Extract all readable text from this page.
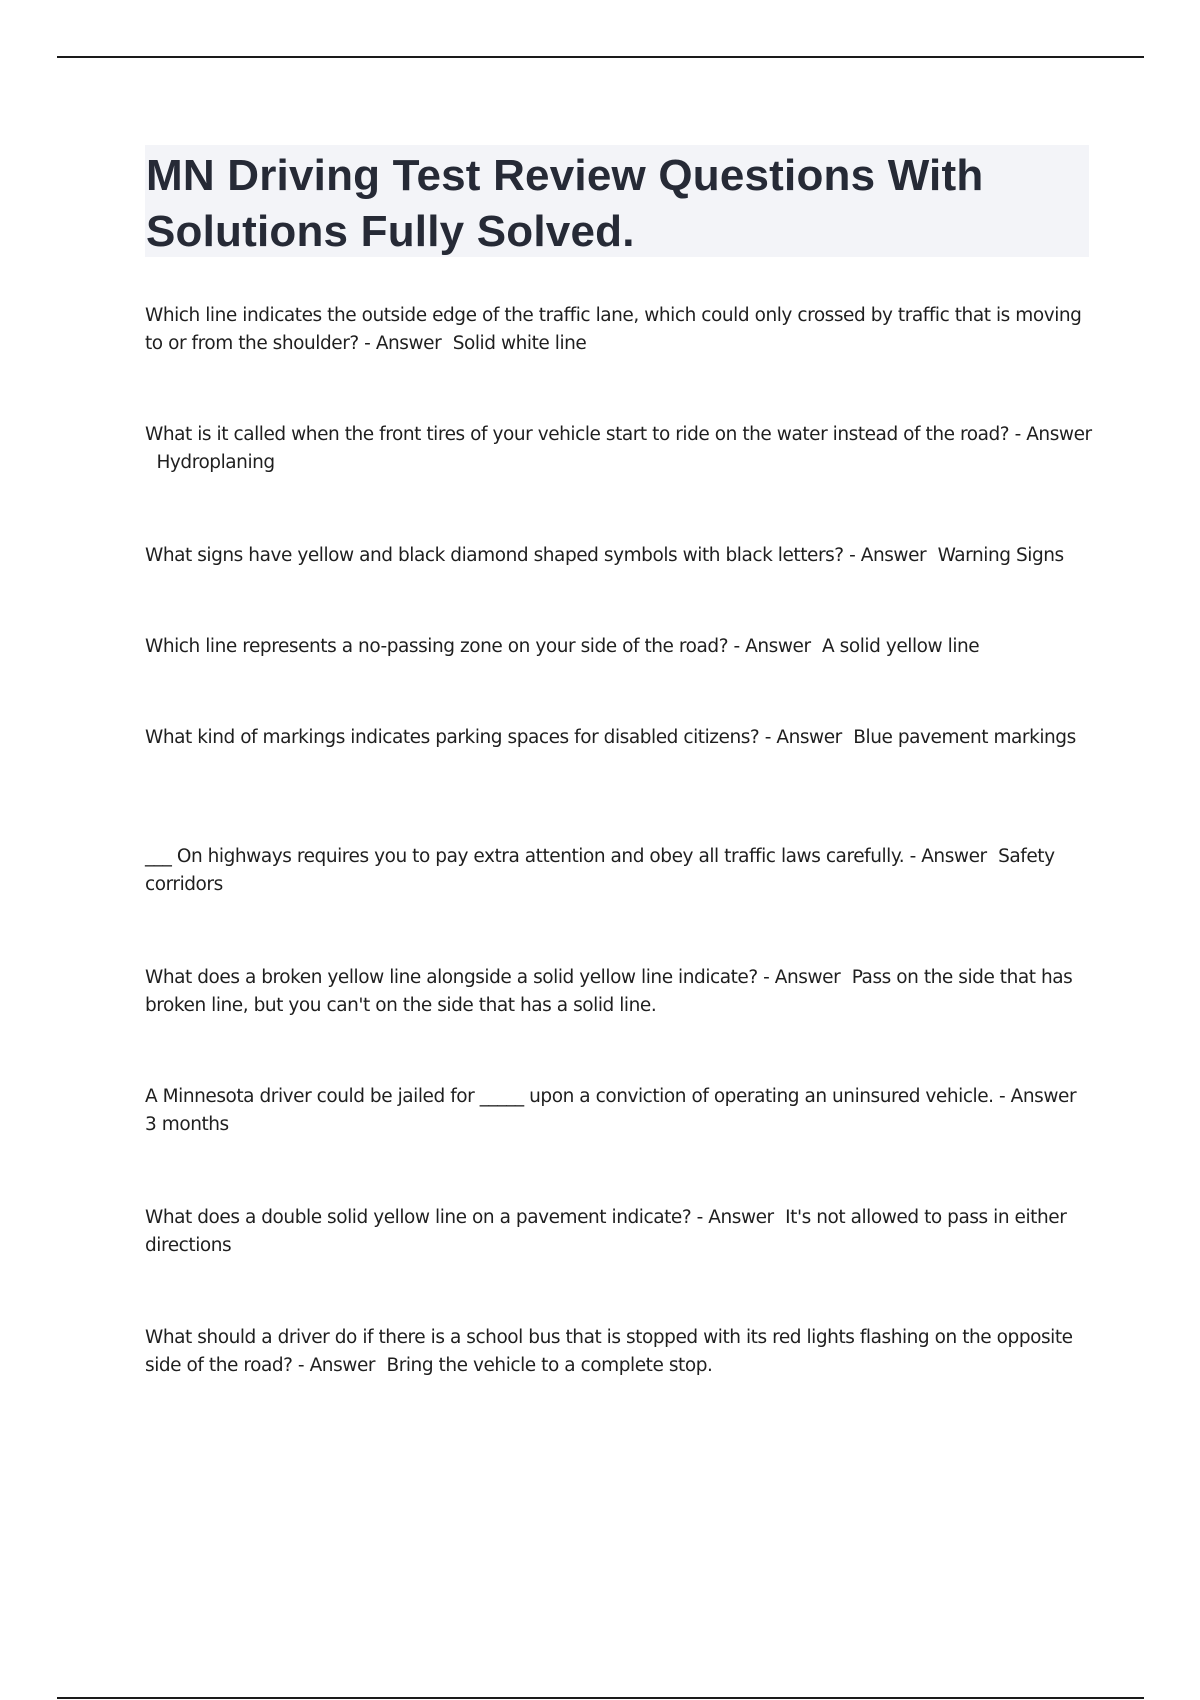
MN Driving Test Review Questions With Solutions Fully Solved.

Which line indicates the outside edge of the traffic lane, which could only crossed by traffic that is moving to or from the shoulder? - Answer Solid white line

What is it called when the front tires of your vehicle start to ride on the water instead of the road? - Answer Hydroplaning

What signs have yellow and black diamond shaped symbols with black letters? - Answer Warning Signs

Which line represents a no-passing zone on your side of the road? - Answer A solid yellow line

What kind of markings indicates parking spaces for disabled citizens? - Answer Blue pavement markings

___ On highways requires you to pay extra attention and obey all traffic laws carefully. - Answer Safety corridors

What does a broken yellow line alongside a solid yellow line indicate? - Answer Pass on the side that has broken line, but you can't on the side that has a solid line.

A Minnesota driver could be jailed for _____ upon a conviction of operating an uninsured vehicle. - Answer 3 months

What does a double solid yellow line on a pavement indicate? - Answer It's not allowed to pass in either directions

What should a driver do if there is a school bus that is stopped with its red lights flashing on the opposite side of the road? - Answer Bring the vehicle to a complete stop.
